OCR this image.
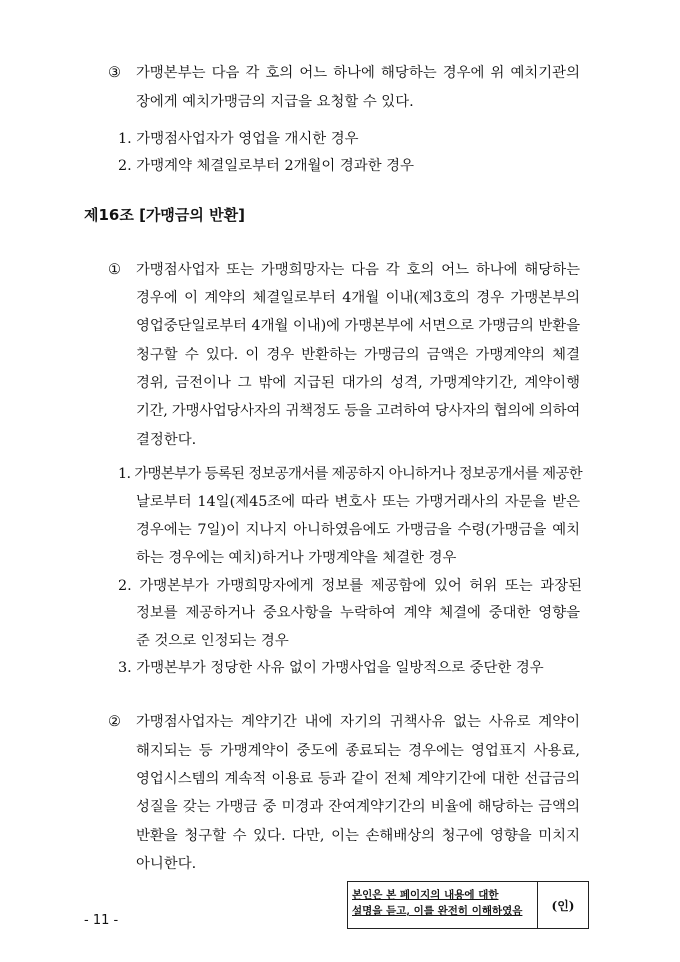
③ 가맹본부는 다음 각 호의 어느 하나에 해당하는 경우에 위 예치기관의
장에게 예치가맹금의 지급을 요청할 수 있다.
1. 가맹점사업자가 영업을 개시한 경우
2. 가맹계약 체결일로부터 2개월이 경과한 경우
제16조 [가맹금의 반환]
① 가맹점사업자 또는 가맹희망자는 다음 각 호의 어느 하나에 해당하는
경우에 이 계약의 체결일로부터 4개월 이내(제3호의 경우 가맹본부의
영업중단일로부터 4개월 이내)에 가맹본부에 서면으로 가맹금의 반환을
청구할 수 있다. 이 경우 반환하는 가맹금의 금액은 가맹계약의 체결
경위, 금전이나 그 밖에 지급된 대가의 성격, 가맹계약기간, 계약이행
기간, 가맹사업당사자의 귀책정도 등을 고려하여 당사자의 협의에 의하여
결정한다.
1. 가맹본부가 등록된 정보공개서를 제공하지 아니하거나 정보공개서를 제공한
날로부터 14일(제45조에 따라 변호사 또는 가맹거래사의 자문을 받은
경우에는 7일)이 지나지 아니하였음에도 가맹금을 수령(가맹금을 예치
하는 경우에는 예치)하거나 가맹계약을 체결한 경우
2. 가맹본부가 가맹희망자에게 정보를 제공함에 있어 허위 또는 과장된
정보를 제공하거나 중요사항을 누락하여 계약 체결에 중대한 영향을
준 것으로 인정되는 경우
3. 가맹본부가 정당한 사유 없이 가맹사업을 일방적으로 중단한 경우
② 가맹점사업자는 계약기간 내에 자기의 귀책사유 없는 사유로 계약이
해지되는 등 가맹계약이 중도에 종료되는 경우에는 영업표지 사용료,
영업시스템의 계속적 이용료 등과 같이 전체 계약기간에 대한 선급금의
성질을 갖는 가맹금 중 미경과 잔여계약기간의 비율에 해당하는 금액의
반환을 청구할 수 있다. 다만, 이는 손해배상의 청구에 영향을 미치지
아니한다.
본인은 본 페이지의 내용에 대한
설명을 듣고, 이를 완전히 이해하였음	(인)
- 11 -
